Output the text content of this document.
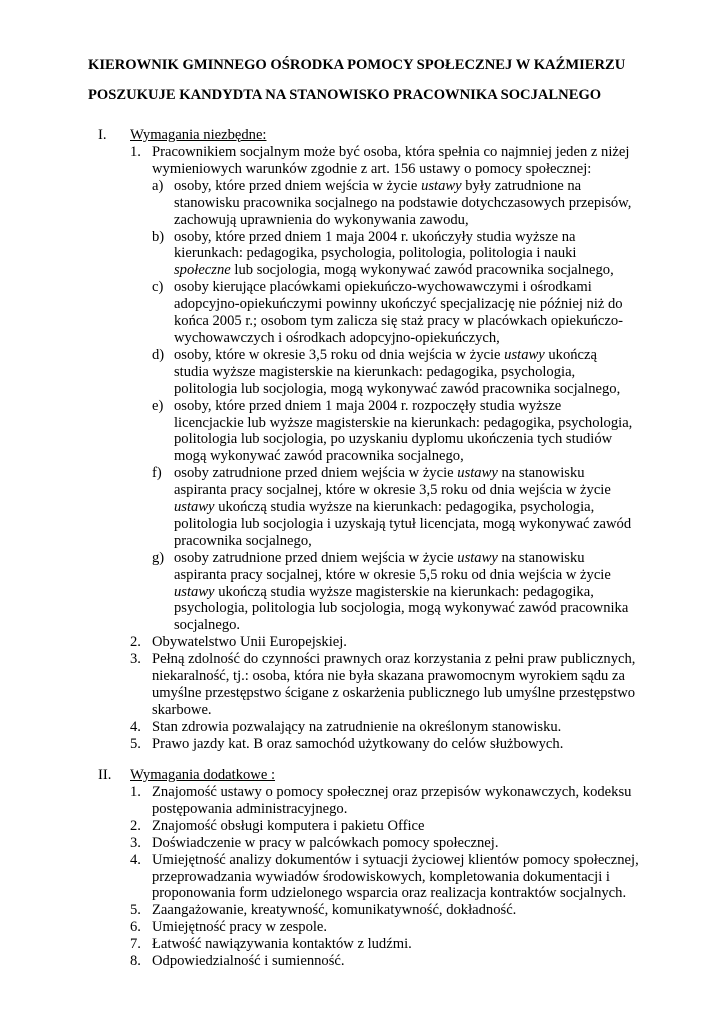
KIEROWNIK GMINNEGO OŚRODKA POMOCY SPOŁECZNEJ W KAŹMIERZU
POSZUKUJE KANDYDTA NA STANOWISKO PRACOWNIKA SOCJALNEGO
I. Wymagania niezbędne:
1. Pracownikiem socjalnym może być osoba, która spełnia co najmniej jeden z niżej wymieniowych warunków zgodnie z art. 156 ustawy o pomocy społecznej:
a) osoby, które przed dniem wejścia w życie ustawy były zatrudnione na stanowisku pracownika socjalnego na podstawie dotychczasowych przepisów, zachowują uprawnienia do wykonywania zawodu,
b) osoby, które przed dniem 1 maja 2004 r. ukończyły studia wyższe na kierunkach: pedagogika, psychologia, politologia, politologia i nauki społeczne lub socjologia, mogą wykonywać zawód pracownika socjalnego,
c) osoby kierujące placówkami opiekuńczo-wychowawczymi i ośrodkami adopcyjno-opiekuńczymi powinny ukończyć specjalizację nie później niż do końca 2005 r.; osobom tym zalicza się staż pracy w placówkach opiekuńczo-wychowawczych i ośrodkach adopcyjno-opiekuńczych,
d) osoby, które w okresie 3,5 roku od dnia wejścia w życie ustawy ukończą studia wyższe magisterskie na kierunkach: pedagogika, psychologia, politologia lub socjologia, mogą wykonywać zawód pracownika socjalnego,
e) osoby, które przed dniem 1 maja 2004 r. rozpoczęły studia wyższe licencjackie lub wyższe magisterskie na kierunkach: pedagogika, psychologia, politologia lub socjologia, po uzyskaniu dyplomu ukończenia tych studiów mogą wykonywać zawód pracownika socjalnego,
f) osoby zatrudnione przed dniem wejścia w życie ustawy na stanowisku aspiranta pracy socjalnej, które w okresie 3,5 roku od dnia wejścia w życie ustawy ukończą studia wyższe na kierunkach: pedagogika, psychologia, politologia lub socjologia i uzyskają tytuł licencjata, mogą wykonywać zawód pracownika socjalnego,
g) osoby zatrudnione przed dniem wejścia w życie ustawy na stanowisku aspiranta pracy socjalnej, które w okresie 5,5 roku od dnia wejścia w życie ustawy ukończą studia wyższe magisterskie na kierunkach: pedagogika, psychologia, politologia lub socjologia, mogą wykonywać zawód pracownika socjalnego.
2. Obywatelstwo Unii Europejskiej.
3. Pełną zdolność do czynności prawnych oraz korzystania z pełni praw publicznych, niekaralność, tj.: osoba, która nie była skazana prawomocnym wyrokiem sądu za umyślne przestępstwo ścigane z oskarżenia publicznego lub umyślne przestępstwo skarbowe.
4. Stan zdrowia pozwalający na zatrudnienie na określonym stanowisku.
5. Prawo jazdy kat. B oraz samochód użytkowany do celów służbowych.
II. Wymagania dodatkowe :
1. Znajomość ustawy o pomocy społecznej oraz przepisów wykonawczych, kodeksu postępowania administracyjnego.
2. Znajomość obsługi komputera i pakietu Office
3. Doświadczenie w pracy w palcówkach pomocy społecznej.
4. Umiejętność analizy dokumentów i sytuacji życiowej klientów pomocy społecznej, przeprowadzania wywiadów środowiskowych, kompletowania dokumentacji i proponowania form udzielonego wsparcia oraz realizacja kontraktów socjalnych.
5. Zaangażowanie, kreatywność, komunikatywność, dokładność.
6. Umiejętność pracy w zespole.
7. Łatwość nawiązywania kontaktów z ludźmi.
8. Odpowiedzialność i sumienność.
